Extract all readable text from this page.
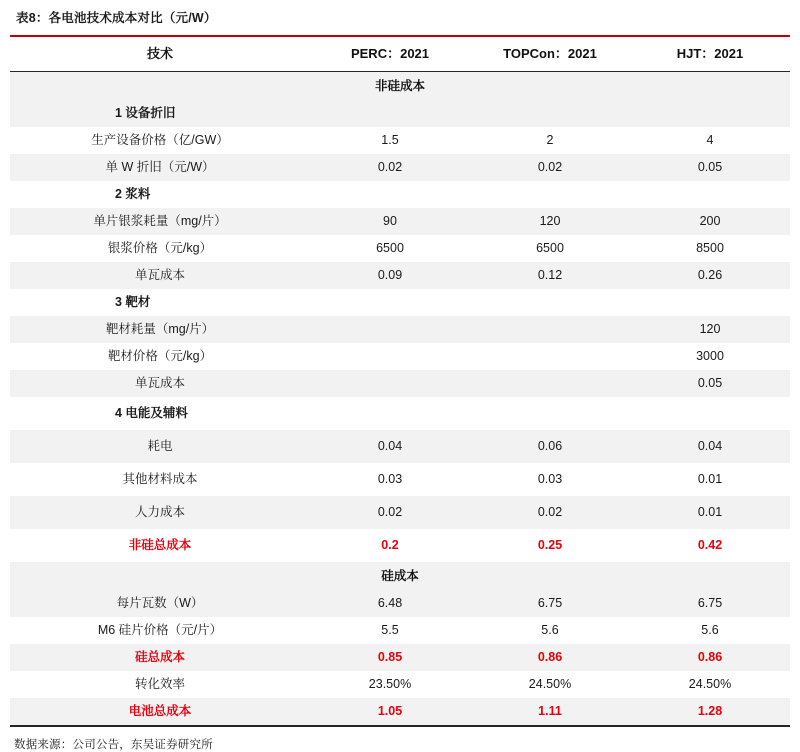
表8：各电池技术成本对比（元/W）
技术	PERC：2021	TOPCon：2021	HJT：2021
非硅成本			
1 设备折旧			
生产设备价格（亿/GW）	1.5	2	4
单 W 折旧（元/W）	0.02	0.02	0.05
2 浆料			
单片银浆耗量（mg/片）	90	120	200
银浆价格（元/kg）	6500	6500	8500
单瓦成本	0.09	0.12	0.26
3 靶材			
靶材耗量（mg/片）			120
靶材价格（元/kg）			3000
单瓦成本			0.05
4 电能及辅料			
耗电	0.04	0.06	0.04
其他材料成本	0.03	0.03	0.01
人力成本	0.02	0.02	0.01
非硅总成本	0.2	0.25	0.42
硅成本			
每片瓦数（W）	6.48	6.75	6.75
M6 硅片价格（元/片）	5.5	5.6	5.6
硅总成本	0.85	0.86	0.86
转化效率	23.50%	24.50%	24.50%
电池总成本	1.05	1.11	1.28
数据来源：公司公告，东吴证券研究所
